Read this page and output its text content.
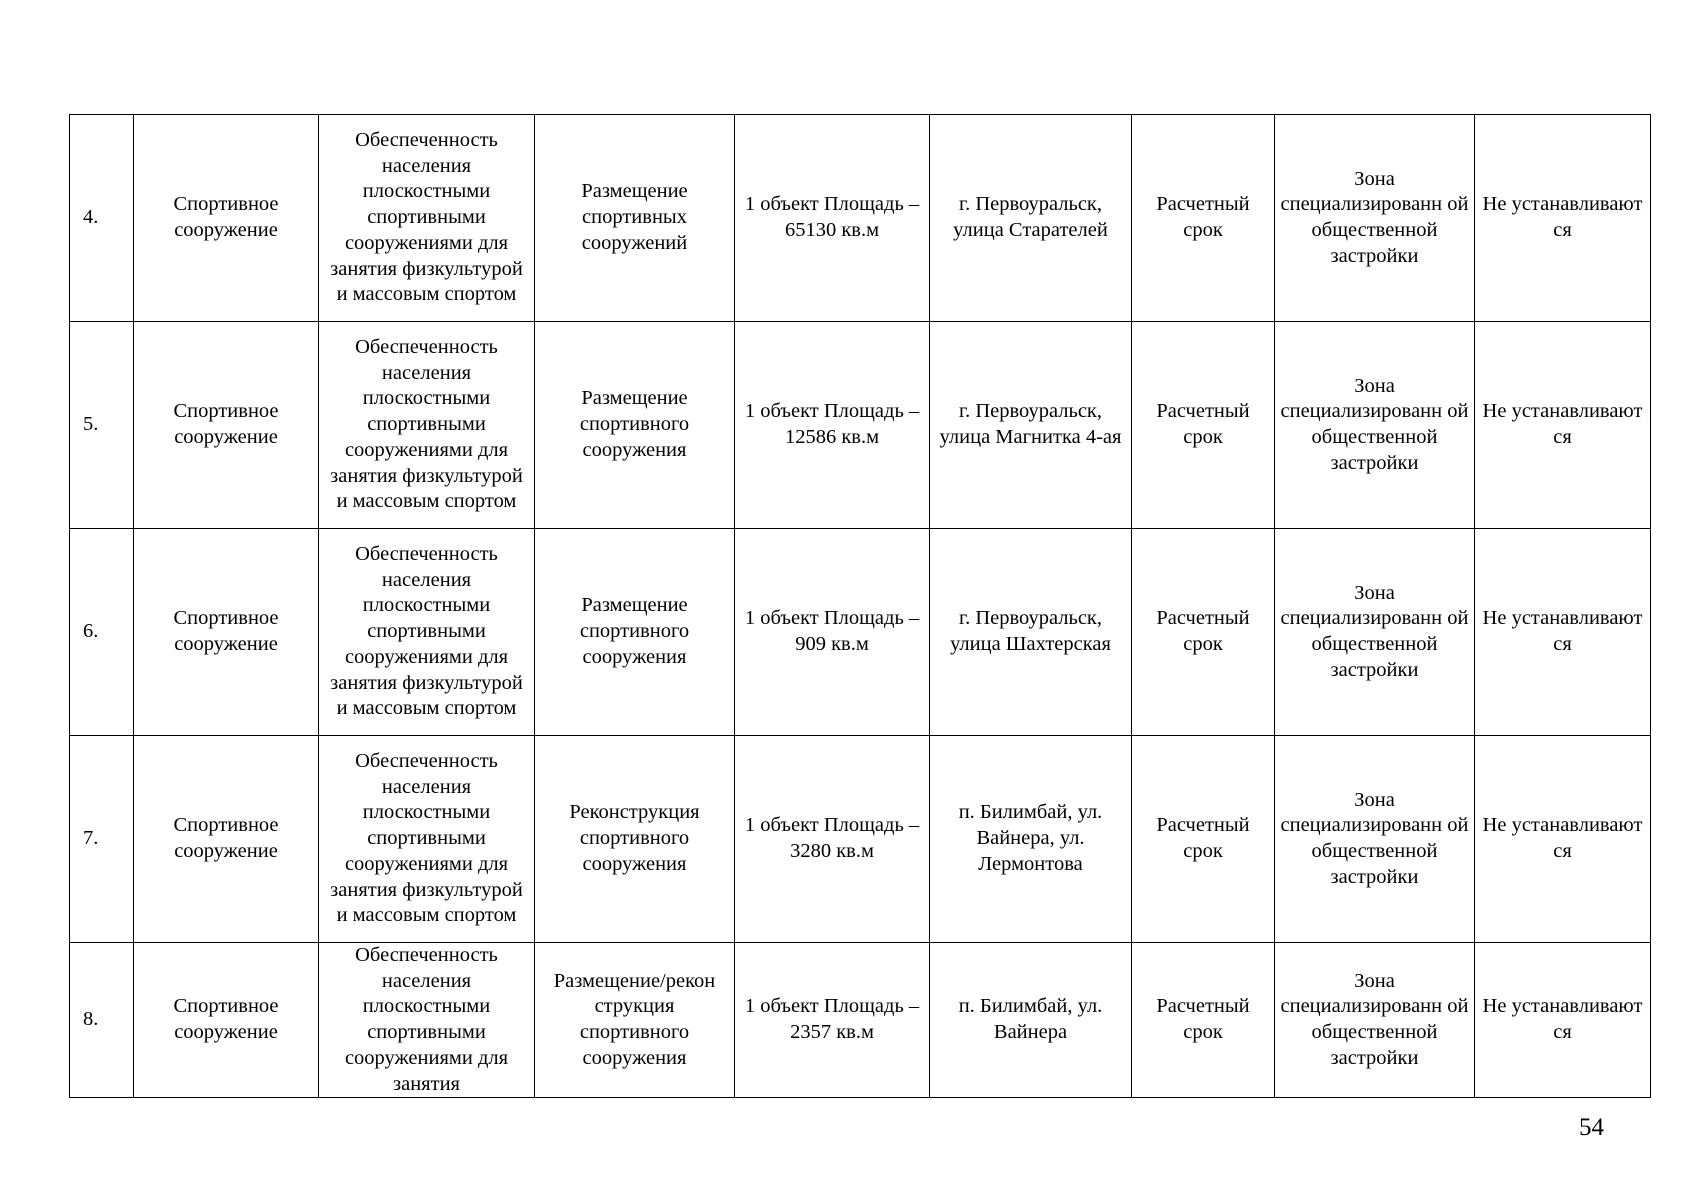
4.	Спортивное сооружение	Обеспеченность населения плоскостными спортивными сооружениями для занятия физкультурой и массовым спортом	Размещение спортивных сооружений	1 объект Площадь – 65130 кв.м	г. Первоуральск, улица Старателей	Расчетный срок	Зона специализированн ой общественной застройки	Не устанавливают ся
5.	Спортивное сооружение	Обеспеченность населения плоскостными спортивными сооружениями для занятия физкультурой и массовым спортом	Размещение спортивного сооружения	1 объект Площадь – 12586 кв.м	г. Первоуральск, улица Магнитка 4-ая	Расчетный срок	Зона специализированн ой общественной застройки	Не устанавливают ся
6.	Спортивное сооружение	Обеспеченность населения плоскостными спортивными сооружениями для занятия физкультурой и массовым спортом	Размещение спортивного сооружения	1 объект Площадь – 909 кв.м	г. Первоуральск, улица Шахтерская	Расчетный срок	Зона специализированн ой общественной застройки	Не устанавливают ся
7.	Спортивное сооружение	Обеспеченность населения плоскостными спортивными сооружениями для занятия физкультурой и массовым спортом	Реконструкция спортивного сооружения	1 объект Площадь – 3280 кв.м	п. Билимбай, ул. Вайнера, ул. Лермонтова	Расчетный срок	Зона специализированн ой общественной застройки	Не устанавливают ся
8.	Спортивное сооружение	Обеспеченность населения плоскостными спортивными сооружениями для занятия	Размещение/рекон струкция спортивного сооружения	1 объект Площадь – 2357 кв.м	п. Билимбай, ул. Вайнера	Расчетный срок	Зона специализированн ой общественной застройки	Не устанавливают ся
54
